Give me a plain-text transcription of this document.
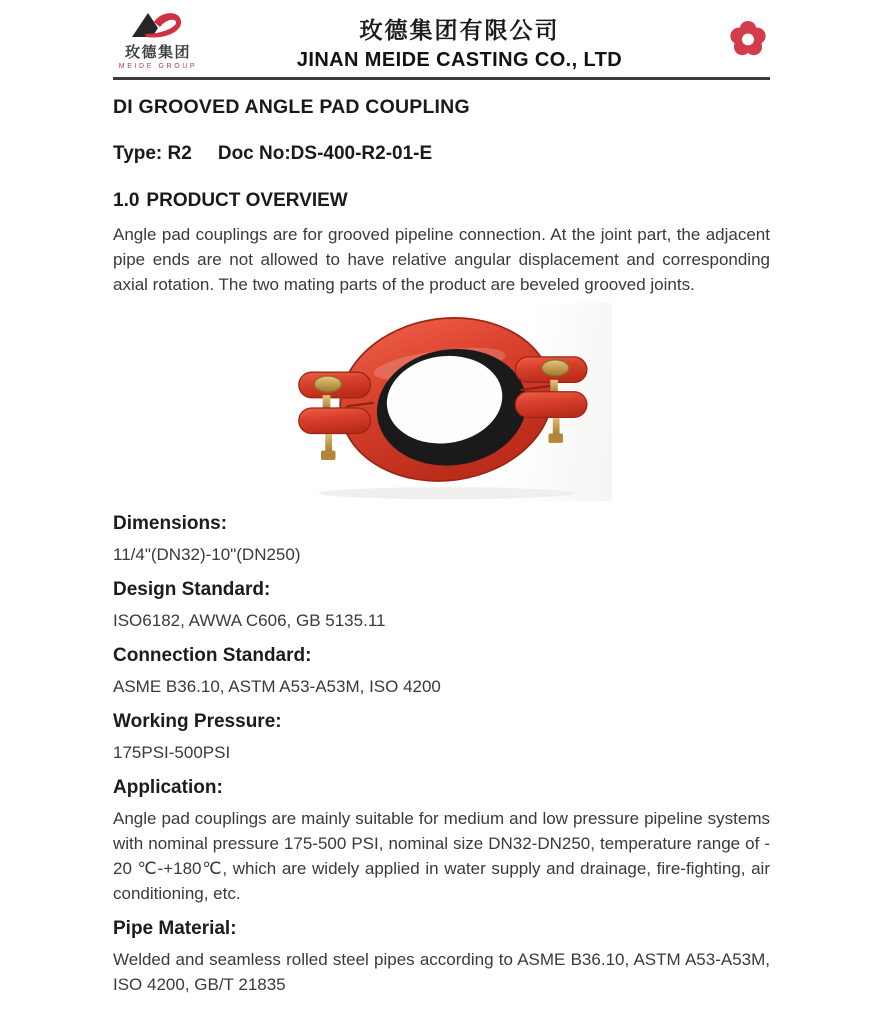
玫德集团
MEIDE GROUP
玫德集团有限公司
JINAN MEIDE CASTING CO., LTD
DI GROOVED ANGLE PAD COUPLING
Type: R2 Doc No:DS-400-R2-01-E
1.0 PRODUCT OVERVIEW

Angle pad couplings are for grooved pipeline connection. At the joint part, the adjacent pipe ends are not allowed to have relative angular displacement and corresponding axial rotation. The two mating parts of the product are beveled grooved joints.

Dimensions:

11/4"(DN32)-10"(DN250)

Design Standard:

ISO6182, AWWA C606, GB 5135.11

Connection Standard:

ASME B36.10, ASTM A53-A53M, ISO 4200

Working Pressure:

175PSI-500PSI

Application:

Angle pad couplings are mainly suitable for medium and low pressure pipeline systems with nominal pressure 175-500 PSI, nominal size DN32-DN250, temperature range of - 20 ℃-+180℃, which are widely applied in water supply and drainage, fire-fighting, air conditioning, etc.

Pipe Material:

Welded and seamless rolled steel pipes according to ASME B36.10, ASTM A53-A53M, ISO 4200, GB/T 21835
